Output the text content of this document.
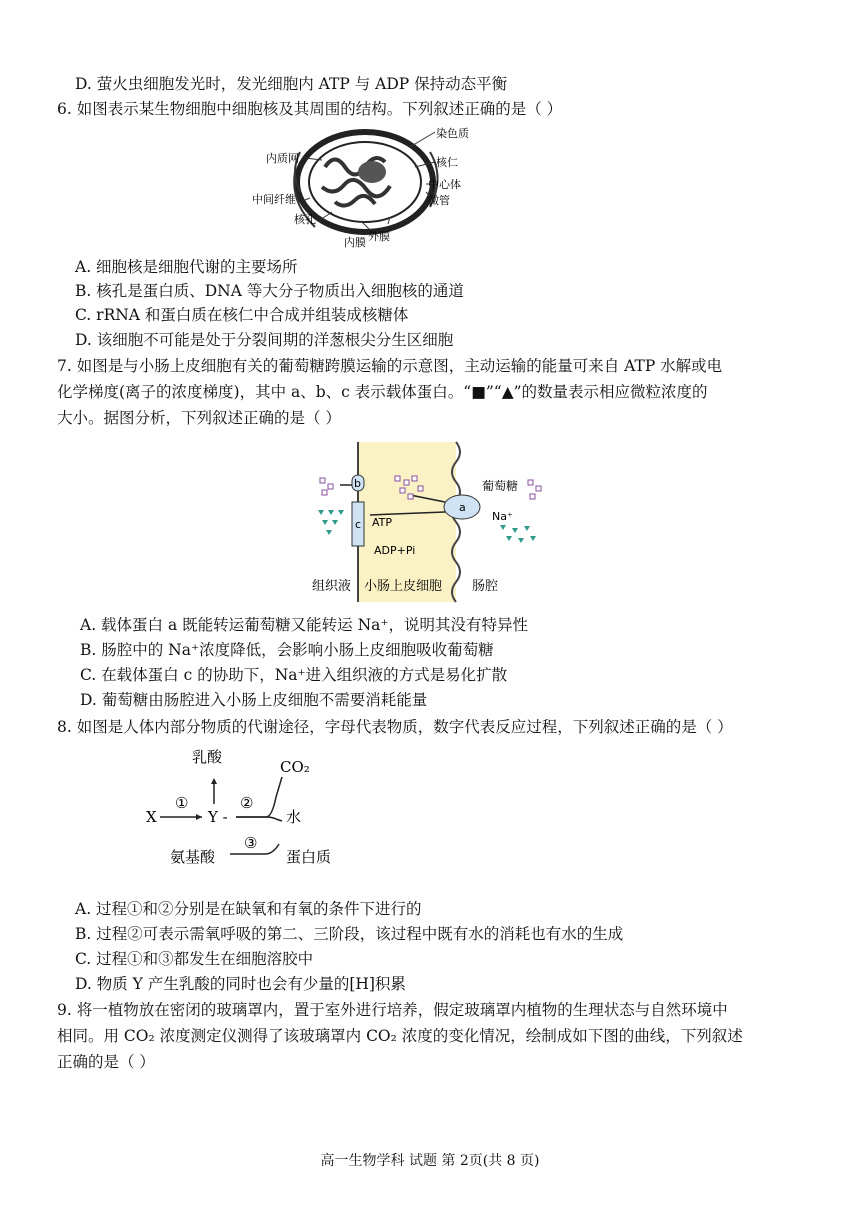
D. 萤火虫细胞发光时，发光细胞内 ATP 与 ADP 保持动态平衡
6. 如图表示某生物细胞中细胞核及其周围的结构。下列叙述正确的是（ ）
染色质
内质网	核仁
中心体
中间纤维	微管
核孔
外膜
内膜
A. 细胞核是细胞代谢的主要场所
B. 核孔是蛋白质、DNA 等大分子物质出入细胞核的通道
C. rRNA 和蛋白质在核仁中合成并组装成核糖体
D. 该细胞不可能是处于分裂间期的洋葱根尖分生区细胞
7. 如图是与小肠上皮细胞有关的葡萄糖跨膜运输的示意图，主动运输的能量可来自 ATP 水解或电
化学梯度(离子的浓度梯度)，其中 a、b、c 表示载体蛋白。“■”“▲”的数量表示相应微粒浓度的
大小。据图分析，下列叙述正确的是（ ）
b
c
a
葡萄糖
Na⁺
ATP
ADP+Pi
组织液 小肠上皮细胞 肠腔
A. 载体蛋白 a 既能转运葡萄糖又能转运 Na⁺，说明其没有特异性
B. 肠腔中的 Na⁺浓度降低，会影响小肠上皮细胞吸收葡萄糖
C. 在载体蛋白 c 的协助下，Na⁺进入组织液的方式是易化扩散
D. 葡萄糖由肠腔进入小肠上皮细胞不需要消耗能量
8. 如图是人体内部分物质的代谢途径，字母代表物质，数字代表反应过程，下列叙述正确的是（ ）
乳酸
CO₂
X
①
Y -
②
水
氨基酸
③
蛋白质
A. 过程①和②分别是在缺氧和有氧的条件下进行的
B. 过程②可表示需氧呼吸的第二、三阶段，该过程中既有水的消耗也有水的生成
C. 过程①和③都发生在细胞溶胶中
D. 物质 Y 产生乳酸的同时也会有少量的[H]积累
9. 将一植物放在密闭的玻璃罩内，置于室外进行培养，假定玻璃罩内植物的生理状态与自然环境中
相同。用 CO₂ 浓度测定仪测得了该玻璃罩内 CO₂ 浓度的变化情况，绘制成如下图的曲线，下列叙述
正确的是（ ）
高一生物学科 试题 第 2页(共 8 页)
